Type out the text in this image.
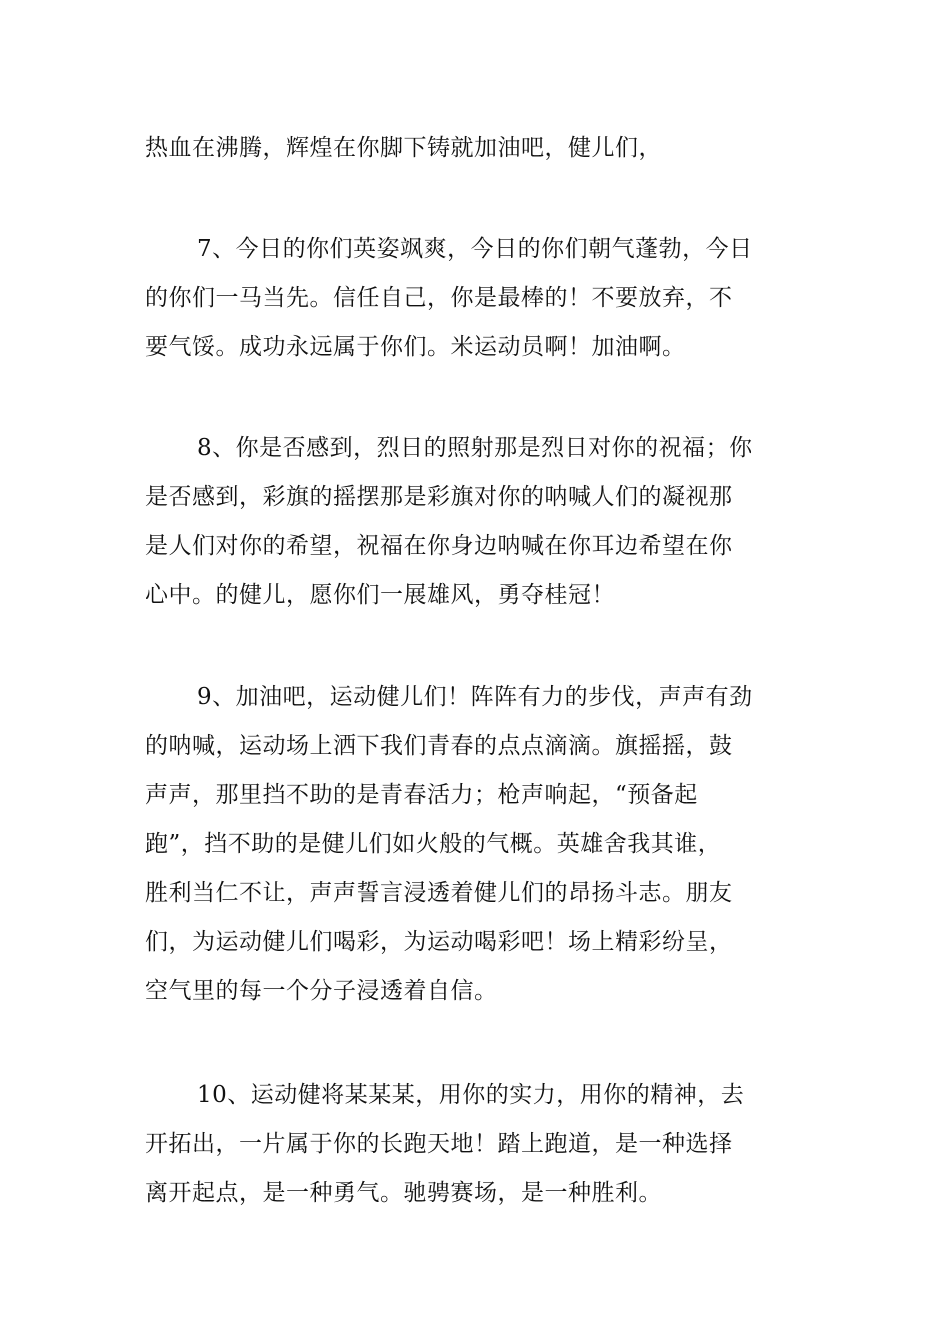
热血在沸腾，辉煌在你脚下铸就加油吧，健儿们，

7、今日的你们英姿飒爽，今日的你们朝气蓬勃，今日
的你们一马当先。信任自己，你是最棒的！不要放弃，不
要气馁。成功永远属于你们。米运动员啊！加油啊。

8、你是否感到，烈日的照射那是烈日对你的祝福；你
是否感到，彩旗的摇摆那是彩旗对你的呐喊人们的凝视那
是人们对你的希望，祝福在你身边呐喊在你耳边希望在你
心中。的健儿，愿你们一展雄风，勇夺桂冠！

9、加油吧，运动健儿们！阵阵有力的步伐，声声有劲
的呐喊，运动场上洒下我们青春的点点滴滴。旗摇摇，鼓
声声，那里挡不助的是青春活力；枪声响起，“预备起
跑”，挡不助的是健儿们如火般的气概。英雄舍我其谁，
胜利当仁不让，声声誓言浸透着健儿们的昂扬斗志。朋友
们，为运动健儿们喝彩，为运动喝彩吧！场上精彩纷呈，
空气里的每一个分子浸透着自信。

10、运动健将某某某，用你的实力，用你的精神，去
开拓出，一片属于你的长跑天地！踏上跑道，是一种选择
离开起点，是一种勇气。驰骋赛场，是一种胜利。
